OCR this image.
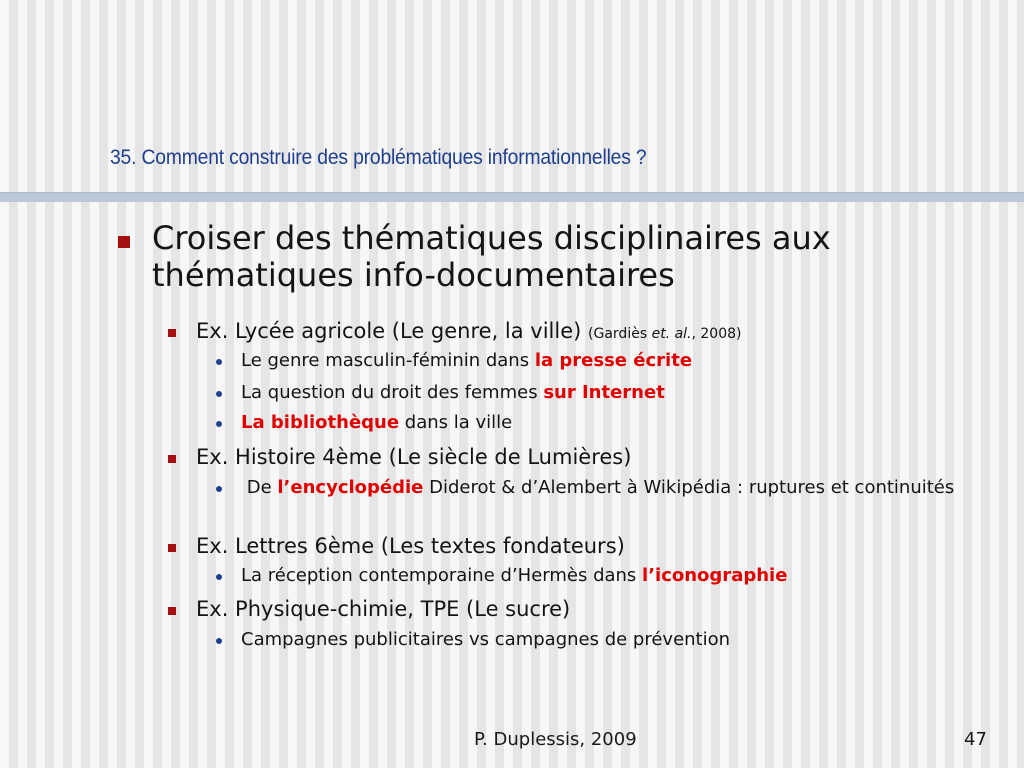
35. Comment construire des problématiques informationnelles ?
Croiser des thématiques disciplinaires aux thématiques info-documentaires
Ex. Lycée agricole (Le genre, la ville) (Gardiès et. al., 2008)
Le genre masculin-féminin dans la presse écrite
La question du droit des femmes sur Internet
La bibliothèque dans la ville
Ex. Histoire 4ème (Le siècle de Lumières)
De l’encyclopédie Diderot & d’Alembert à Wikipédia : ruptures et continuités
Ex. Lettres 6ème (Les textes fondateurs)
La réception contemporaine d’Hermès dans l’iconographie
Ex. Physique-chimie, TPE (Le sucre)
Campagnes publicitaires vs campagnes de prévention
P. Duplessis, 2009	47
